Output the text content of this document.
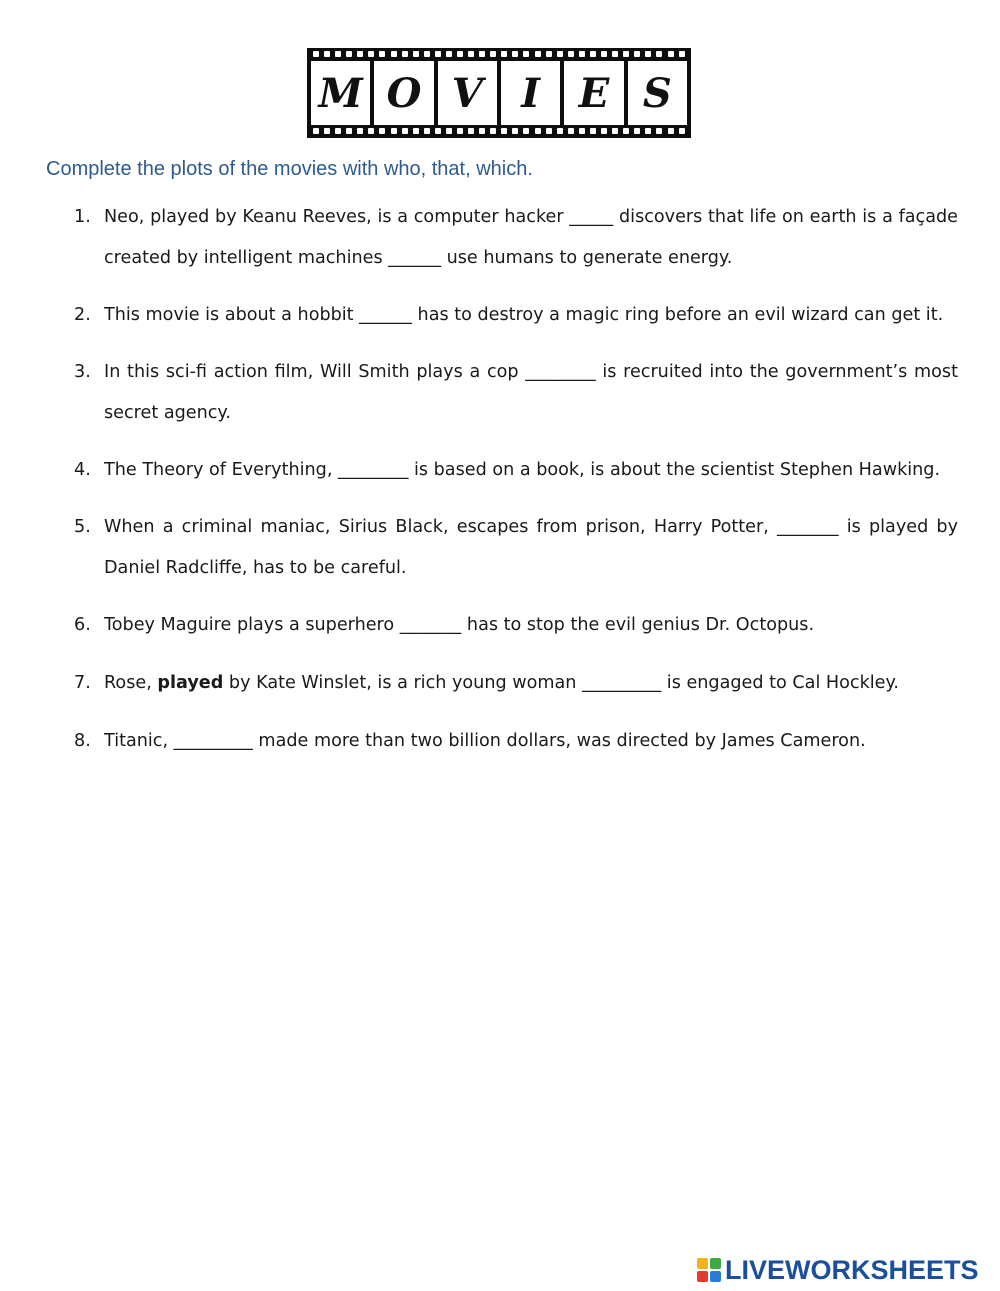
M O V I E S

Complete the plots of the movies with who, that, which.

1. Neo, played by Keanu Reeves, is a computer hacker _____ discovers that life on earth is a façade created by intelligent machines ______ use humans to generate energy.
2. This movie is about a hobbit ______ has to destroy a magic ring before an evil wizard can get it.
3. In this sci-fi action film, Will Smith plays a cop ________ is recruited into the government’s most secret agency.
4. The Theory of Everything, ________ is based on a book, is about the scientist Stephen Hawking.
5. When a criminal maniac, Sirius Black, escapes from prison, Harry Potter, _______ is played by Daniel Radcliffe, has to be careful.
6. Tobey Maguire plays a superhero _______ has to stop the evil genius Dr. Octopus.
7. Rose, played by Kate Winslet, is a rich young woman _________ is engaged to Cal Hockley.
8. Titanic, _________ made more than two billion dollars, was directed by James Cameron.
LIVEWORKSHEETS
